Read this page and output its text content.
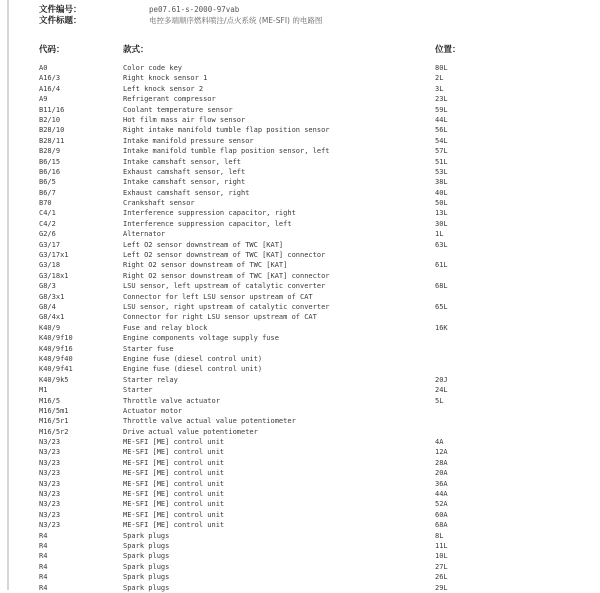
文件编号：	pe07.61-s-2000-97vab
文件标题：	电控多端顺序燃料喷注/点火系统 (ME-SFI) 的电路图
代码：	款式：	位置：
A0	Color code key	80L
A16/3	Right knock sensor 1	2L
A16/4	Left knock sensor 2	3L
A9	Refrigerant compressor	23L
B11/16	Coolant temperature sensor	59L
B2/10	Hot film mass air flow sensor	44L
B28/10	Right intake manifold tumble flap position sensor	56L
B28/11	Intake manifold pressure sensor	54L
B28/9	Intake manifold tumble flap position sensor, left	57L
B6/15	Intake camshaft sensor, left	51L
B6/16	Exhaust camshaft sensor, left	53L
B6/5	Intake camshaft sensor, right	38L
B6/7	Exhaust camshaft sensor, right	40L
B70	Crankshaft sensor	50L
C4/1	Interference suppression capacitor, right	13L
C4/2	Interference suppression capacitor, left	30L
G2/6	Alternator	1L
G3/17	Left O2 sensor downstream of TWC [KAT]	63L
G3/17x1	Left O2 sensor downstream of TWC [KAT] connector
G3/18	Right O2 sensor downstream of TWC [KAT]	61L
G3/18x1	Right O2 sensor downstream of TWC [KAT] connector
G8/3	LSU sensor, left upstream of catalytic converter	68L
G8/3x1	Connector for left LSU sensor upstream of CAT
G8/4	LSU sensor, right upstream of catalytic converter	65L
G8/4x1	Connector for right LSU sensor upstream of CAT
K40/9	Fuse and relay block	16K
K40/9f10	Engine components voltage supply fuse
K40/9f16	Starter fuse
K40/9f40	Engine fuse (diesel control unit)
K40/9f41	Engine fuse (diesel control unit)
K40/9k5	Starter relay	20J
M1	Starter	24L
M16/5	Throttle valve actuator	5L
M16/5m1	Actuator motor
M16/5r1	Throttle valve actual value potentiometer
M16/5r2	Drive actual value potentiometer
N3/23	ME-SFI [ME] control unit	4A
N3/23	ME-SFI [ME] control unit	12A
N3/23	ME-SFI [ME] control unit	28A
N3/23	ME-SFI [ME] control unit	20A
N3/23	ME-SFI [ME] control unit	36A
N3/23	ME-SFI [ME] control unit	44A
N3/23	ME-SFI [ME] control unit	52A
N3/23	ME-SFI [ME] control unit	60A
N3/23	ME-SFI [ME] control unit	68A
R4	Spark plugs	8L
R4	Spark plugs	11L
R4	Spark plugs	10L
R4	Spark plugs	27L
R4	Spark plugs	26L
R4	Spark plugs	29L
